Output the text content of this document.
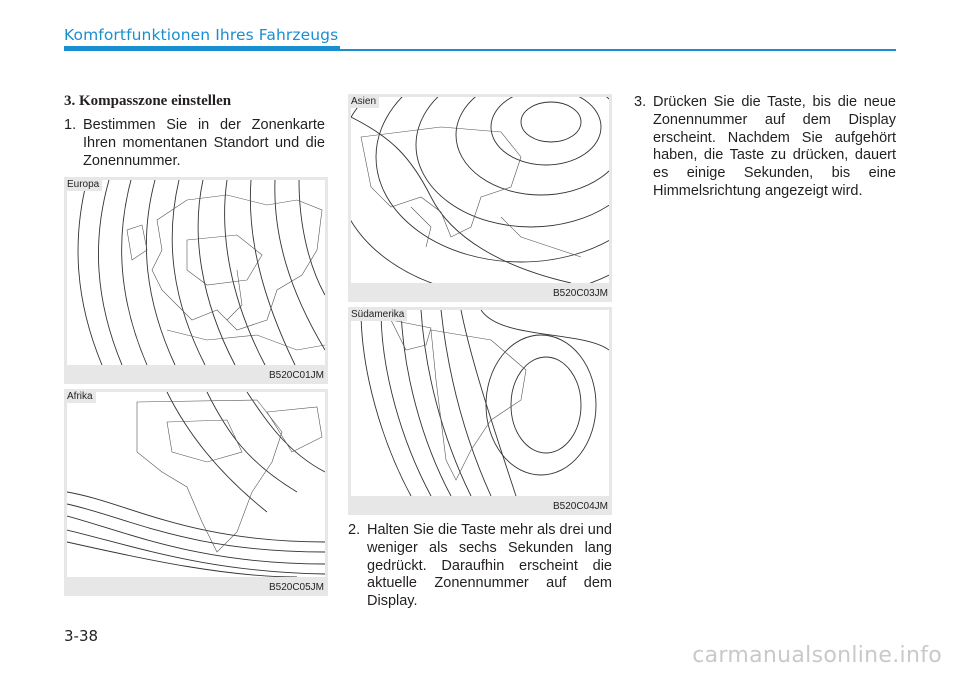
Komfortfunktionen Ihres Fahrzeugs
3. Kompasszone einstellen
1. Bestimmen Sie in der Zonenkarte Ihren momentanen Standort und die Zonennummer.
Europa
B520C01JM
Afrika
B520C05JM
Asien
B520C03JM
Südamerika
B520C04JM
2. Halten Sie die Taste mehr als drei und weniger als sechs Sekunden lang gedrückt. Daraufhin erscheint die aktuelle Zonennummer auf dem Display.
3. Drücken Sie die Taste, bis die neue Zonennummer auf dem Display erscheint. Nachdem Sie aufgehört haben, die Taste zu drücken, dauert es einige Sekunden, bis eine Himmelsrichtung angezeigt wird.
3-38
carmanualsonline.info
